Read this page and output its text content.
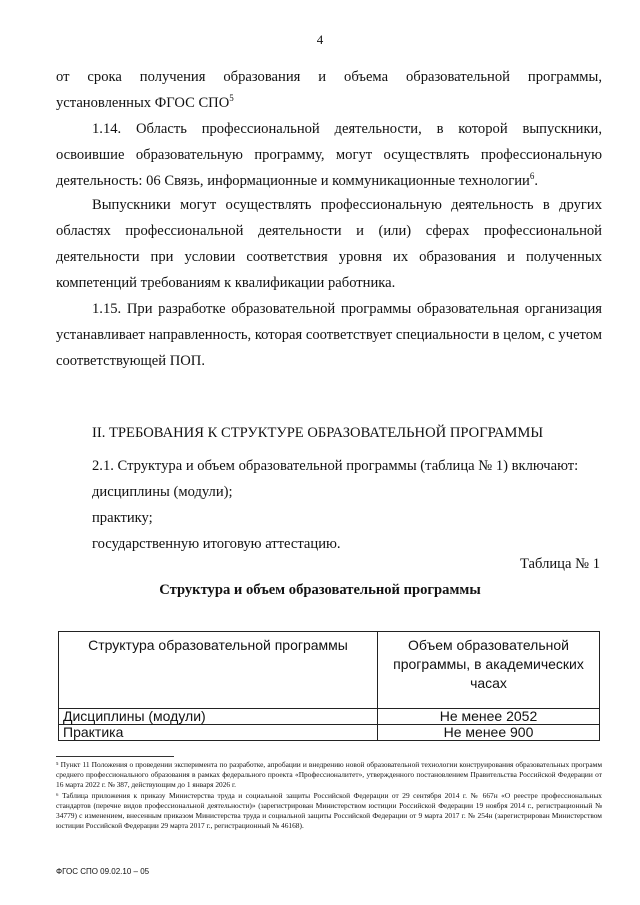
4

от срока получения образования и объема образовательной программы,

установленных ФГОС СПО$^5$

1.14. Область профессиональной деятельности, в которой выпускники, освоившие образовательную программу, могут осуществлять профессиональную деятельность: 06 Связь, информационные и коммуникационные технологии$^6$.

Выпускники могут осуществлять профессиональную деятельность в других областях профессиональной деятельности и (или) сферах профессиональной деятельности при условии соответствия уровня их образования и полученных компетенций требованиям к квалификации работника.

1.15. При разработке образовательной программы образовательная организация устанавливает направленность, которая соответствует специальности в целом, с учетом соответствующей ПОП.

II. ТРЕБОВАНИЯ К СТРУКТУРЕ ОБРАЗОВАТЕЛЬНОЙ ПРОГРАММЫ

2.1. Структура и объем образовательной программы (таблица № 1) включают:

дисциплины (модули);

практику;

государственную итоговую аттестацию.

Таблица № 1
Структура и объем образовательной программы
Структура образовательной программы	Объем образовательной программы, в академических часах
Дисциплины (модули)	Не менее 2052
Практика	Не менее 900

⁵ Пункт 11 Положения о проведении эксперимента по разработке, апробации и внедрению новой образовательной технологии конструирования образовательных программ среднего профессионального образования в рамках федерального проекта «Профессионалитет», утвержденного постановлением Правительства Российской Федерации от 16 марта 2022 г. № 387, действующим до 1 января 2026 г.

⁶ Таблица приложения к приказу Министерства труда и социальной защиты Российской Федерации от 29 сентября 2014 г. № 667н «О реестре профессиональных стандартов (перечне видов профессиональной деятельности)» (зарегистрирован Министерством юстиции Российской Федерации 19 ноября 2014 г., регистрационный № 34779) с изменением, внесенным приказом Министерства труда и социальной защиты Российской Федерации от 9 марта 2017 г. № 254н (зарегистрирован Министерством юстиции Российской Федерации 29 марта 2017 г., регистрационный № 46168).

ФГОС СПО 09.02.10 – 05
